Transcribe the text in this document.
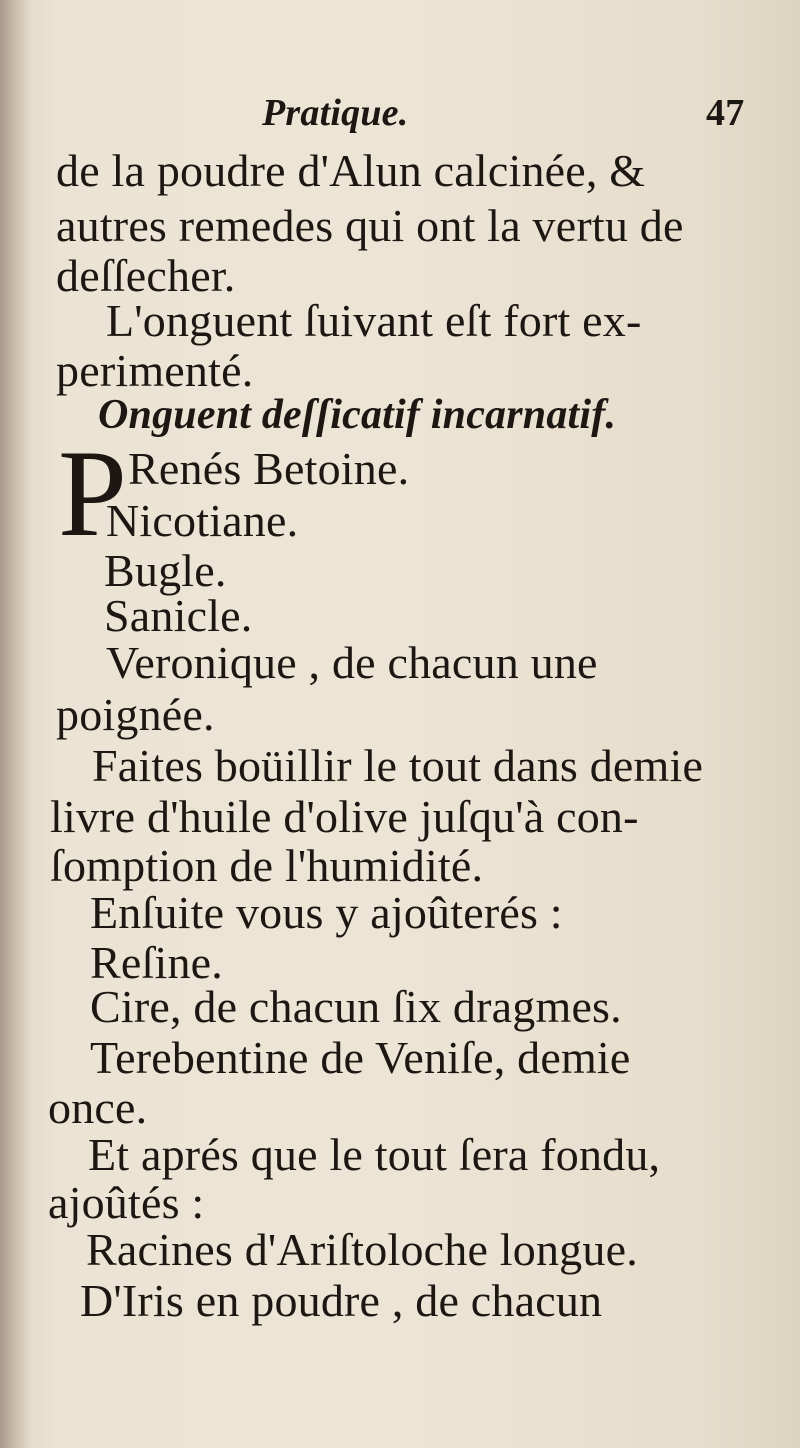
Pratique.	47
de la poudre d'Alun calcinée, &
autres remedes qui ont la vertu de
deſſecher.
L'onguent ſuivant eſt fort ex-
perimenté.
Onguent deſſicatif incarnatif.
P Renés Betoine.
Nicotiane.
Bugle.
Sanicle.
Veronique , de chacun une
poignée.
Faites boüillir le tout dans demie
livre d'huile d'olive juſqu'à con-
ſomption de l'humidité.
Enſuite vous y ajoûterés :
Reſine.
Cire, de chacun ſix dragmes.
Terebentine de Veniſe, demie
once.
Et aprés que le tout ſera fondu,
ajoûtés :
Racines d'Ariſtoloche longue.
D'Iris en poudre , de chacun
